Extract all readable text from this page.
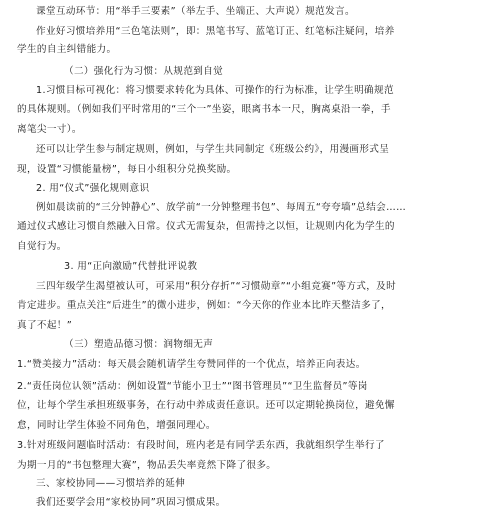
课堂互动环节：用“举手三要素”（举左手、坐端正、大声说）规范发言。
作业好习惯培养用“三色笔法则”，即：黑笔书写、蓝笔订正、红笔标注疑问，培养
学生的自主纠错能力。
（二）强化行为习惯：从规范到自觉
1.习惯目标可视化：将习惯要求转化为具体、可操作的行为标准，让学生明确规范
的具体规则。（例如我们平时常用的“三个一”坐姿，眼离书本一尺，胸离桌沿一拳，手
离笔尖一寸）。
还可以让学生参与制定规则，例如，与学生共同制定《班级公约》，用漫画形式呈
现，设置“习惯能量榜”，每日小组积分兑换奖励。
2. 用“仪式”强化规则意识
例如晨读前的“三分钟静心”、放学前“一分钟整理书包”、每周五“夸夸墙”总结会……
通过仪式感让习惯自然融入日常。仪式无需复杂，但需持之以恒，让规则内化为学生的
自觉行为。
3. 用“正向激励”代替批评说教
三四年级学生渴望被认可，可采用“积分存折”“习惯勋章”“小组竞赛”等方式，及时
肯定进步。重点关注“后进生”的微小进步，例如：“今天你的作业本比昨天整洁多了，
真了不起！”
（三）塑造品德习惯：润物细无声
1.“赞美接力”活动：每天晨会随机请学生夸赞同伴的一个优点，培养正向表达。
2.“责任岗位认领”活动：例如设置“节能小卫士”“图书管理员”“卫生监督员”等岗
位，让每个学生承担班级事务，在行动中养成责任意识。还可以定期轮换岗位，避免懈
怠，同时让学生体验不同角色，增强同理心。
3.针对班级问题临时活动：有段时间，班内老是有同学丢东西，我就组织学生举行了
为期一月的“书包整理大赛”，物品丢失率竟然下降了很多。
三、家校协同——习惯培养的延伸
我们还要学会用“家校协同”巩固习惯成果。
